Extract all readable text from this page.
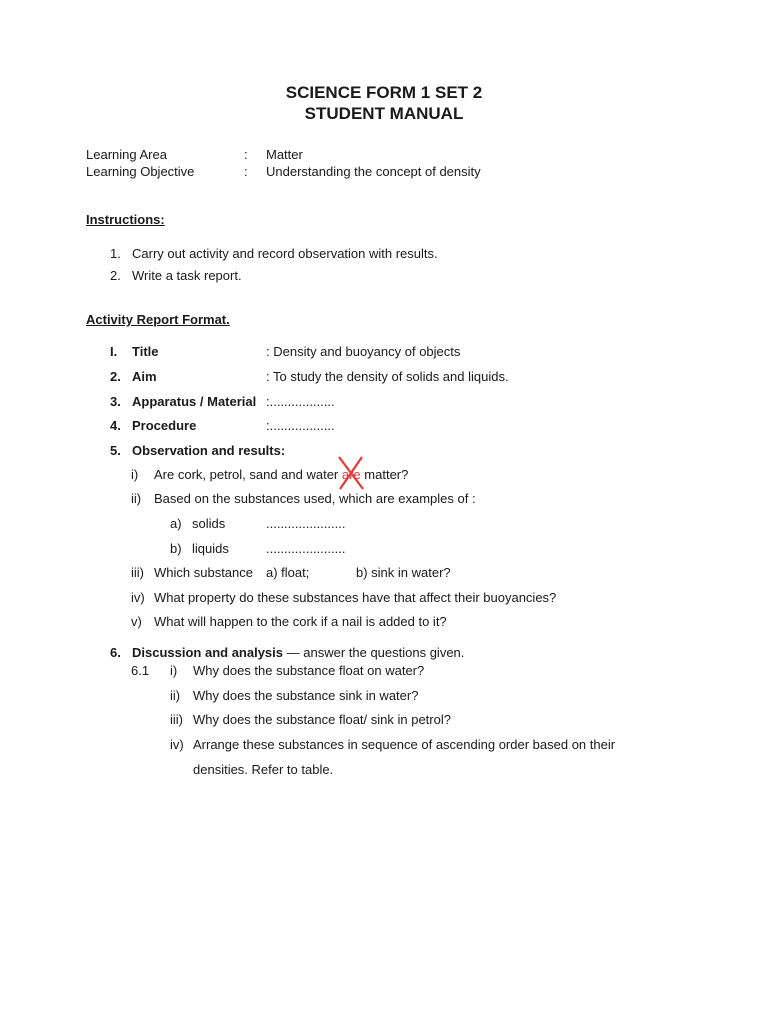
SCIENCE FORM 1 SET 2
STUDENT MANUAL
Learning Area	: Matter
Learning Objective	: Understanding the concept of density
Instructions:
1. Carry out activity and record observation with results.
2. Write a task report.
Activity Report Format.
I. Title	: Density and buoyancy of objects
2. Aim	: To study the density of solids and liquids.
3. Apparatus / Material :..................
4. Procedure	:..................
5. Observation and results:
i) Are cork, petrol, sand and water are
matter?
ii) Based on the substances used, which are examples of :
a) solids	......................
b) liquids	......................
iii) Which substance a) float;	b) sink in water?
iv) What property do these substances have that affect their buoyancies?
v) What will happen to the cork if a nail is added to it?
6. Discussion and analysis — answer the questions given.
6.1 i) Why does the substance float on water?
ii) Why does the substance sink in water?
iii) Why does the substance float/ sink in petrol?
iv) Arrange these substances in sequence of ascending order based on their
densities. Refer to table.
